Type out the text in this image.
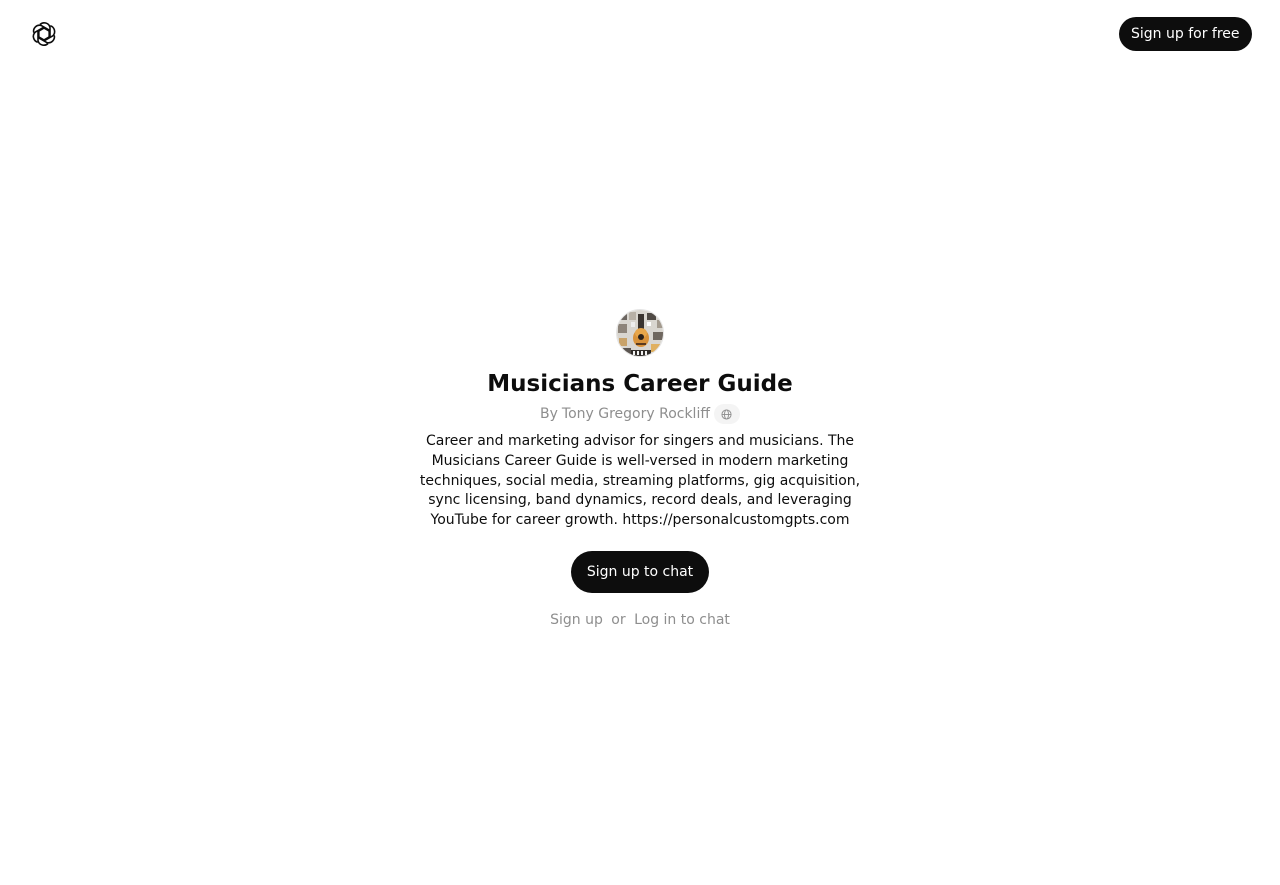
Sign up for free
Musicians Career Guide
By Tony Gregory Rockliff
Career and marketing advisor for singers and musicians. The Musicians Career Guide is well-versed in modern marketing techniques, social media, streaming platforms, gig acquisition, sync licensing, band dynamics, record deals, and leveraging YouTube for career growth. https://personalcustomgpts.com
Sign up to chat
Sign up or Log in to chat
